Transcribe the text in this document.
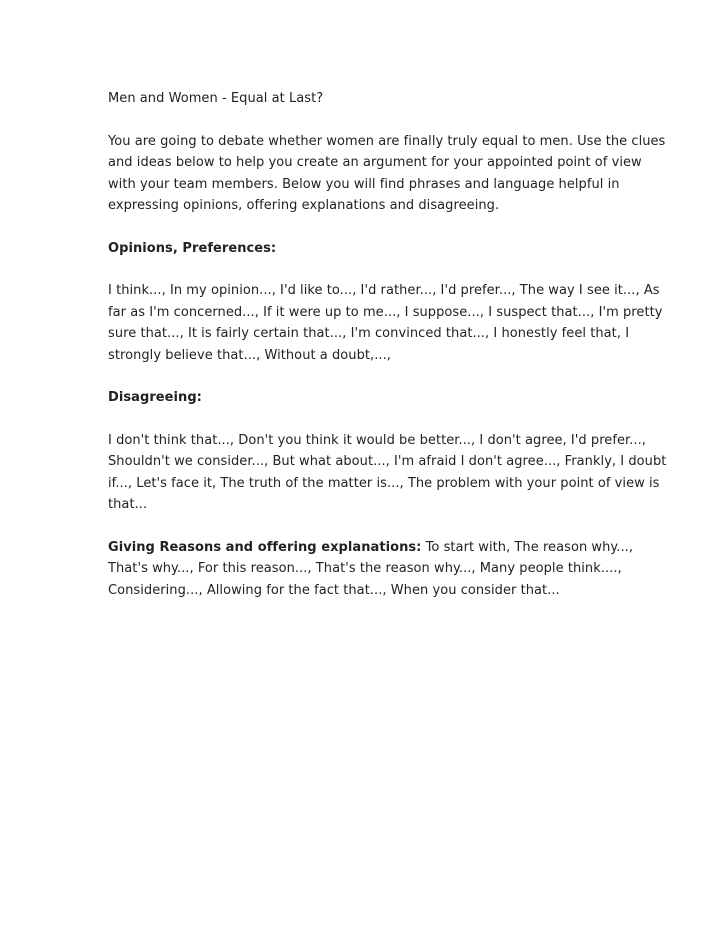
Men and Women - Equal at Last?

You are going to debate whether women are finally truly equal to men. Use the clues and ideas below to help you create an argument for your appointed point of view with your team members. Below you will find phrases and language helpful in expressing opinions, offering explanations and disagreeing.

Opinions, Preferences:

I think..., In my opinion..., I'd like to..., I'd rather..., I'd prefer..., The way I see it..., As far as I'm concerned..., If it were up to me..., I suppose..., I suspect that..., I'm pretty sure that..., It is fairly certain that..., I'm convinced that..., I honestly feel that, I strongly believe that..., Without a doubt,...,

Disagreeing:

I don't think that..., Don't you think it would be better..., I don't agree, I'd prefer..., Shouldn't we consider..., But what about..., I'm afraid I don't agree..., Frankly, I doubt if..., Let's face it, The truth of the matter is..., The problem with your point of view is that...

Giving Reasons and offering explanations: To start with, The reason why..., That's why..., For this reason..., That's the reason why..., Many people think...., Considering..., Allowing for the fact that..., When you consider that...
